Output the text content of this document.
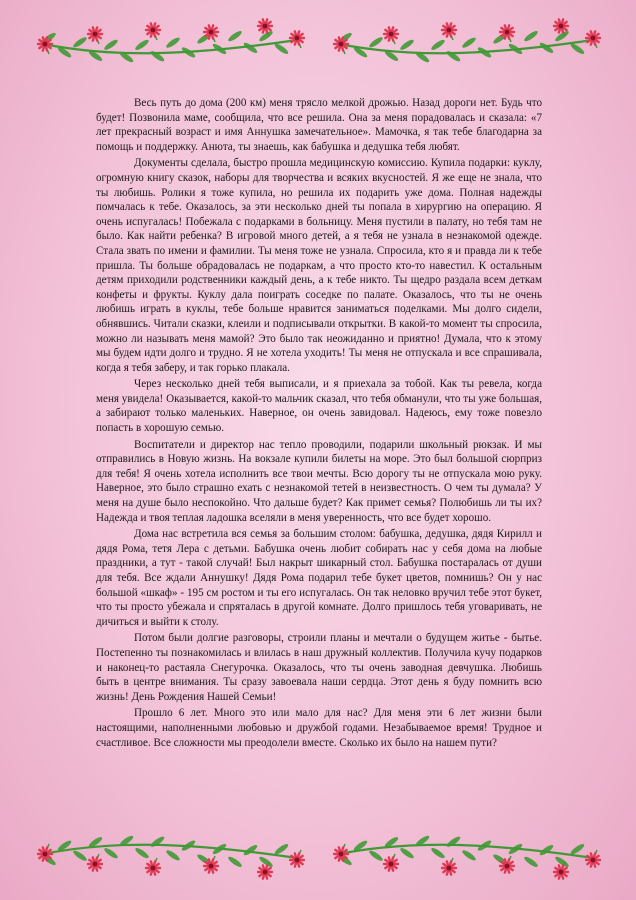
Весь путь до дома (200 км) меня трясло мелкой дрожью. Назад дороги нет. Будь что будет! Позвонила маме, сообщила, что все решила. Она за меня порадовалась и сказала: «7 лет прекрасный возраст и имя Аннушка замечательное». Мамочка, я так тебе благодарна за помощь и поддержку. Анюта, ты знаешь, как бабушка и дедушка тебя любят.

Документы сделала, быстро прошла медицинскую комиссию. Купила подарки: куклу, огромную книгу сказок, наборы для творчества и всяких вкусностей. Я же еще не знала, что ты любишь. Ролики я тоже купила, но решила их подарить уже дома. Полная надежды помчалась к тебе. Оказалось, за эти несколько дней ты попала в хирургию на операцию. Я очень испугалась! Побежала с подарками в больницу. Меня пустили в палату, но тебя там не было. Как найти ребенка? В игровой много детей, а я тебя не узнала в незнакомой одежде. Стала звать по имени и фамилии. Ты меня тоже не узнала. Спросила, кто я и правда ли к тебе пришла. Ты больше обрадовалась не подаркам, а что просто кто-то навестил. К остальным детям приходили родственники каждый день, а к тебе никто. Ты щедро раздала всем деткам конфеты и фрукты. Куклу дала поиграть соседке по палате. Оказалось, что ты не очень любишь играть в куклы, тебе больше нравится заниматься поделками. Мы долго сидели, обнявшись. Читали сказки, клеили и подписывали открытки. В какой-то момент ты спросила, можно ли называть меня мамой? Это было так неожиданно и приятно! Думала, что к этому мы будем идти долго и трудно. Я не хотела уходить! Ты меня не отпускала и все спрашивала, когда я тебя заберу, и так горько плакала.

Через несколько дней тебя выписали, и я приехала за тобой. Как ты ревела, когда меня увидела! Оказывается, какой-то мальчик сказал, что тебя обманули, что ты уже большая, а забирают только маленьких. Наверное, он очень завидовал. Надеюсь, ему тоже повезло попасть в хорошую семью.

Воспитатели и директор нас тепло проводили, подарили школьный рюкзак. И мы отправились в Новую жизнь. На вокзале купили билеты на море. Это был большой сюрприз для тебя! Я очень хотела исполнить все твои мечты. Всю дорогу ты не отпускала мою руку. Наверное, это было страшно ехать с незнакомой тетей в неизвестность. О чем ты думала? У меня на душе было неспокойно. Что дальше будет? Как примет семья? Полюбишь ли ты их? Надежда и твоя теплая ладошка вселяли в меня уверенность, что все будет хорошо.

Дома нас встретила вся семья за большим столом: бабушка, дедушка, дядя Кирилл и дядя Рома, тетя Лера с детьми. Бабушка очень любит собирать нас у себя дома на любые праздники, а тут - такой случай! Был накрыт шикарный стол. Бабушка постаралась от души для тебя. Все ждали Аннушку! Дядя Рома подарил тебе букет цветов, помнишь? Он у нас большой «шкаф» - 195 см ростом и ты его испугалась. Он так неловко вручил тебе этот букет, что ты просто убежала и спряталась в другой комнате. Долго пришлось тебя уговаривать, не дичиться и выйти к столу.

Потом были долгие разговоры, строили планы и мечтали о будущем житье - бытье. Постепенно ты познакомилась и влилась в наш дружный коллектив. Получила кучу подарков и наконец-то растаяла Снегурочка. Оказалось, что ты очень заводная девчушка. Любишь быть в центре внимания. Ты сразу завоевала наши сердца. Этот день я буду помнить всю жизнь! День Рождения Нашей Семьи!

Прошло 6 лет. Много это или мало для нас? Для меня эти 6 лет жизни были настоящими, наполненными любовью и дружбой годами. Незабываемое время! Трудное и счастливое. Все сложности мы преодолели вместе. Сколько их было на нашем пути?
